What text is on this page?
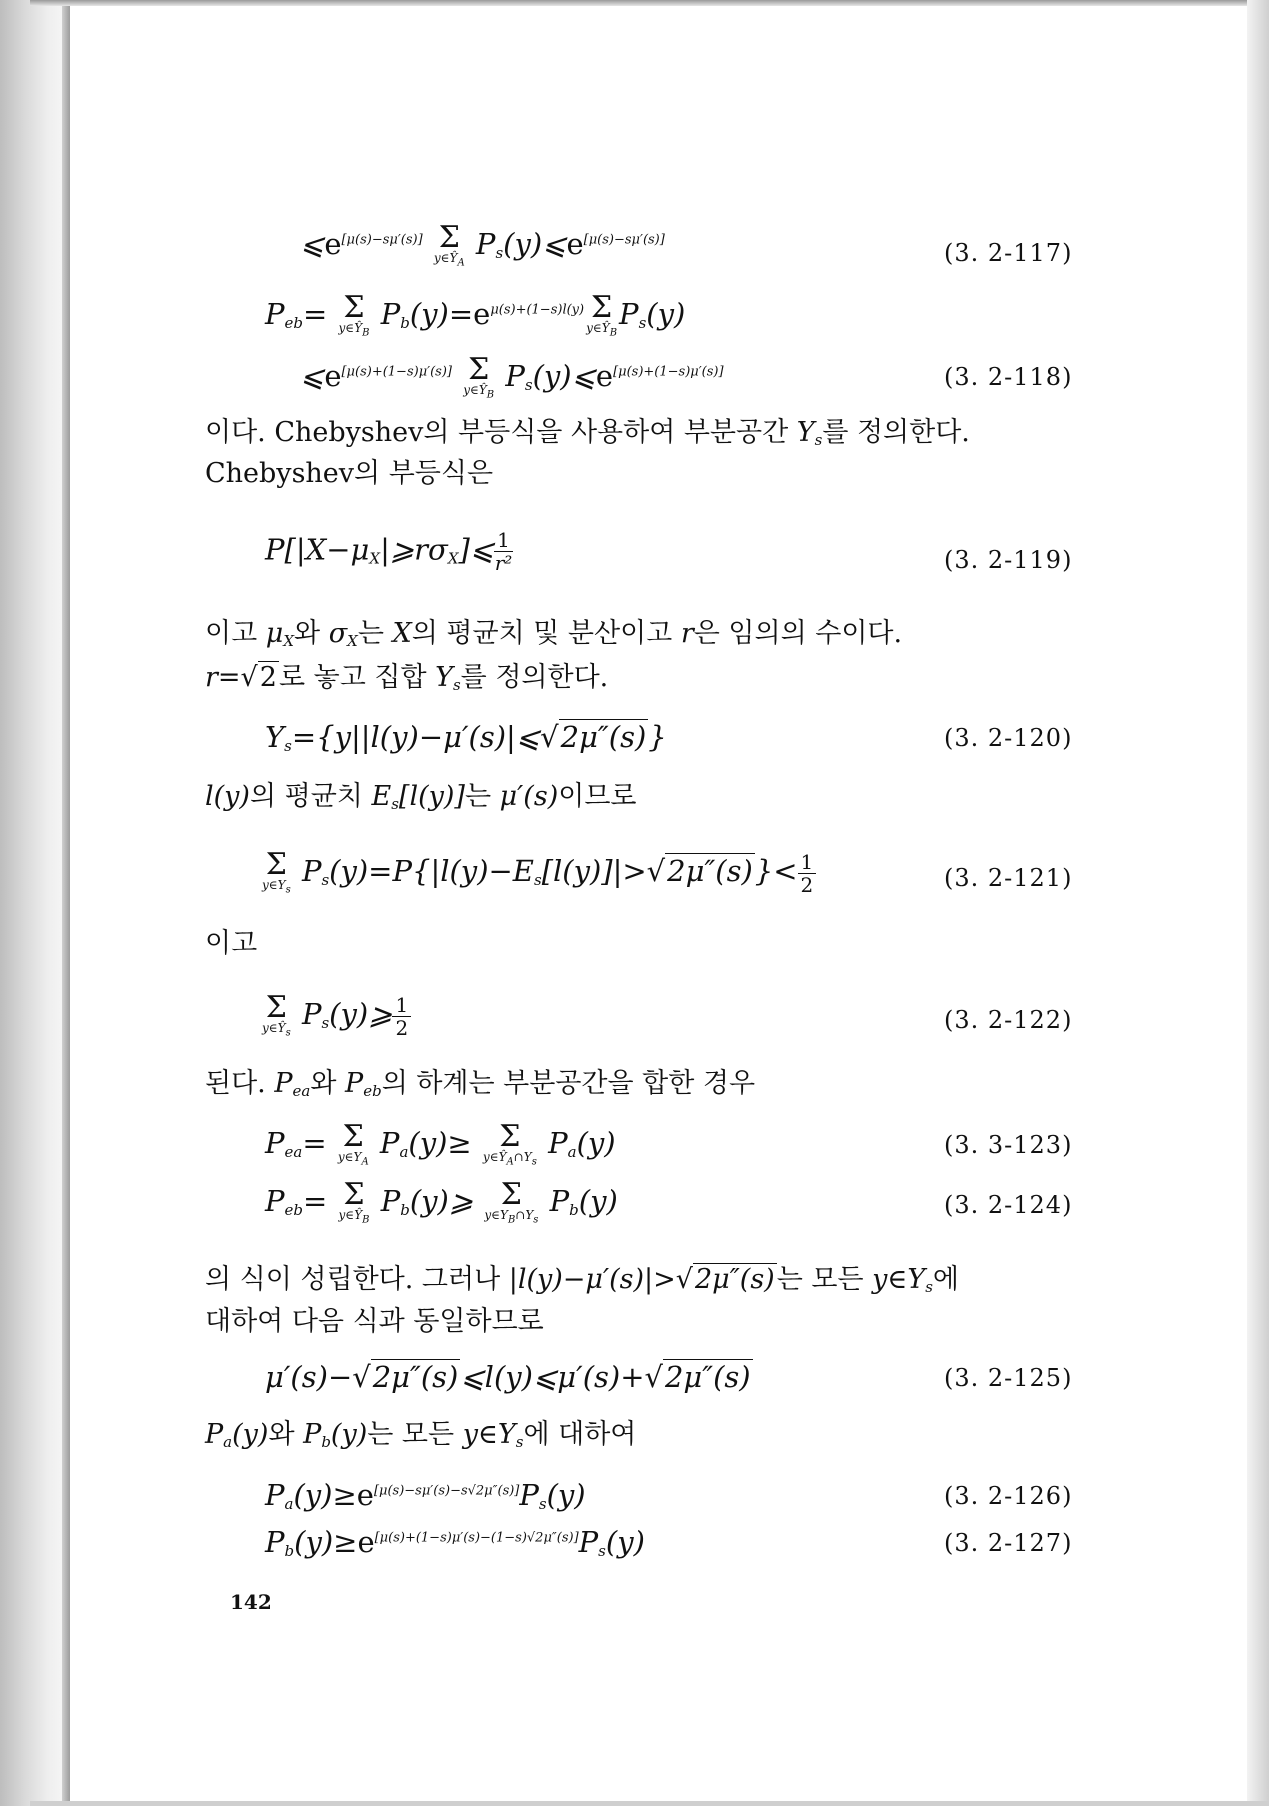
⩽e[μ(s)−sμ′(s)] Σ
$y\in Ŷ_A$
$P_s(y)⩽e[\mu(s)-s\mu'(s)]$	(3. 2-117)
$P_{eb}= \Sigma$
$y\in Ŷ_B$
$P_b(y)=e^{\mu(s)+(1-s)l(y)}$ Σ
$y\in Ŷ_B$
$P_s(y)$
⩽e[μ(s)+(1−s)μ′(s)] Σ
$y\in Ŷ_B$
$P_s(y)⩽e[\mu(s)+(1-s)\mu'(s)]$	(3. 2-118)
이다. Chebyshev의 부등식을 사용하여 부분공간 $Y_s$를 정의한다.
Chebyshev의 부등식은
$P[|X-\mu_X|⩾r\sigma_X]⩽ \frac{1}{\text{r²}}$	(3. 2-119)
이고 $\mu_X$와 $\sigma_X$는 X의 평균치 및 분산이고 r은 임의의 수이다.
r=√2로 놓고 집합 $Y_s$를 정의한다.
$Y_s=\{y||l(y)-\mu'(s)|⩽√2\mu''(s)\}$	(3. 2-120)
l(y)의 평균치 $E_s[l(y)]$는 μ′(s)이므로
Σ
$y\in Y_s$
$P_s(y)=P\{|l(y)-E_s[l(y)]|>√2\mu''(s)\}< \frac{1}{2}$	(3. 2-121)
이고
Σ
$y\in Ŷ_s$
$P_s(y)⩾ \frac{1}{2}$	(3. 2-122)
된다. $P_{ea}$와 $P_{eb}$의 하계는 부분공간을 합한 경우
$P_{ea}= \Sigma$
$y\in Y_A$
$P_a(y)\ge \Sigma$
$y\in Ŷ_A\cap Y_s$
$P_a(y)$	(3. 3-123)
$P_{eb}= \Sigma$
$y\in Ŷ_B$
$P_b(y)⩾$ Σ
$y\in Y_B\cap Y_s$
$P_b(y)$	(3. 2-124)
의 식이 성립한다. 그러나 |l(y)−μ′(s)|>√2μ″(s)는 모든 $y\in Y_s$에
대하여 다음 식과 동일하므로
μ′(s)−√2μ″(s)⩽l(y)⩽μ′(s)+√2μ″(s)	(3. 2-125)
$P_a(y)$와 $P_b(y)$는 모든 $y\in Y_s$에 대하여
$P_a(y)\ge e[\mu(s)-s\mu'(s)-s√2\mu''(s)]P_s(y)$	(3. 2-126)
$P_b(y)\ge e[\mu(s)+(1-s)\mu'(s)-(1-s)√2\mu''(s)]P_s(y)$	(3. 2-127)
142
